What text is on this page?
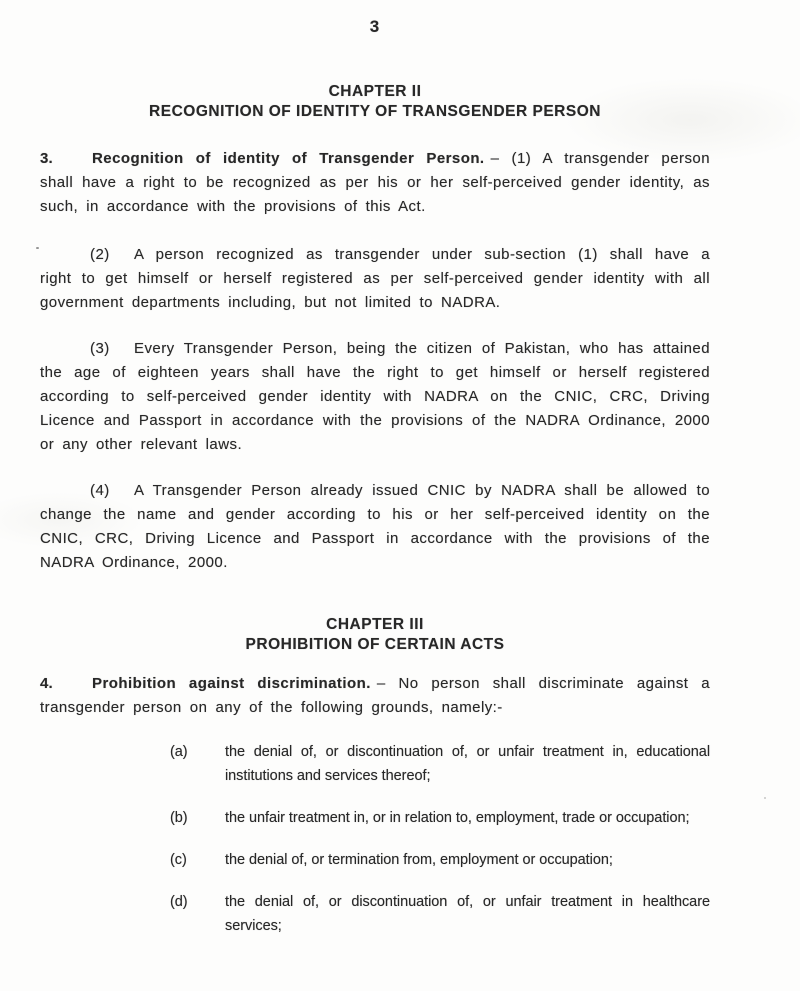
3
CHAPTER II
RECOGNITION OF IDENTITY OF TRANSGENDER PERSON

3.	Recognition of identity of Transgender Person. – (1) A transgender person shall have a right to be recognized as per his or her self-perceived gender identity, as such, in accordance with the provisions of this Act.

(2) A person recognized as transgender under sub-section (1) shall have a right to get himself or herself registered as per self-perceived gender identity with all government departments including, but not limited to NADRA.

(3) Every Transgender Person, being the citizen of Pakistan, who has attained the age of eighteen years shall have the right to get himself or herself registered according to self-perceived gender identity with NADRA on the CNIC, CRC, Driving Licence and Passport in accordance with the provisions of the NADRA Ordinance, 2000 or any other relevant laws.

(4) A Transgender Person already issued CNIC by NADRA shall be allowed to change the name and gender according to his or her self-perceived identity on the CNIC, CRC, Driving Licence and Passport in accordance with the provisions of the NADRA Ordinance, 2000.

CHAPTER III
PROHIBITION OF CERTAIN ACTS

4.	Prohibition against discrimination. – No person shall discriminate against a transgender person on any of the following grounds, namely:-

(a)	the denial of, or discontinuation of, or unfair treatment in, educational institutions and services thereof;
(b)	the unfair treatment in, or in relation to, employment, trade or occupation;
(c)	the denial of, or termination from, employment or occupation;
(d)	the denial of, or discontinuation of, or unfair treatment in healthcare services;
